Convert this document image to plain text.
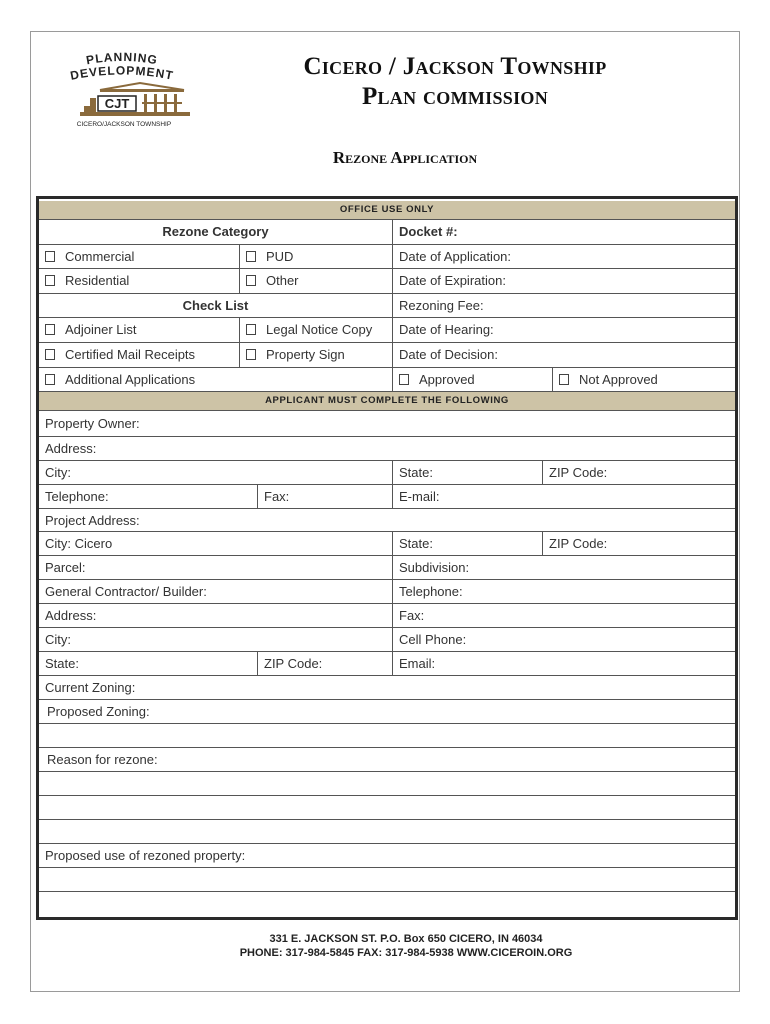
PLANNING
DEVELOPMENT
CJT
CICERO/JACKSON TOWNSHIP
Cicero / Jackson Township
Plan commission
Rezone Application
OFFICE USE ONLY
Rezone Category	Docket #:
Commercial	PUD	Date of Application:
Residential	Other	Date of Expiration:
Check List	Rezoning Fee:
Adjoiner List	Legal Notice Copy	Date of Hearing:
Certified Mail Receipts	Property Sign	Date of Decision:
Additional Applications	Approved	Not Approved
APPLICANT MUST COMPLETE THE FOLLOWING
Property Owner:
Address:
City:	State:	ZIP Code:
Telephone:	Fax:	E-mail:
Project Address:
City: Cicero	State:	ZIP Code:
Parcel:	Subdivision:
General Contractor/ Builder:	Telephone:
Address:	Fax:
City:	Cell Phone:
State:	ZIP Code:	Email:
Current Zoning:
Proposed Zoning:
Reason for rezone:
Proposed use of rezoned property:
331 E. JACKSON ST. P.O. Box 650 CICERO, IN 46034
PHONE: 317-984-5845 FAX: 317-984-5938 WWW.CICEROIN.ORG
